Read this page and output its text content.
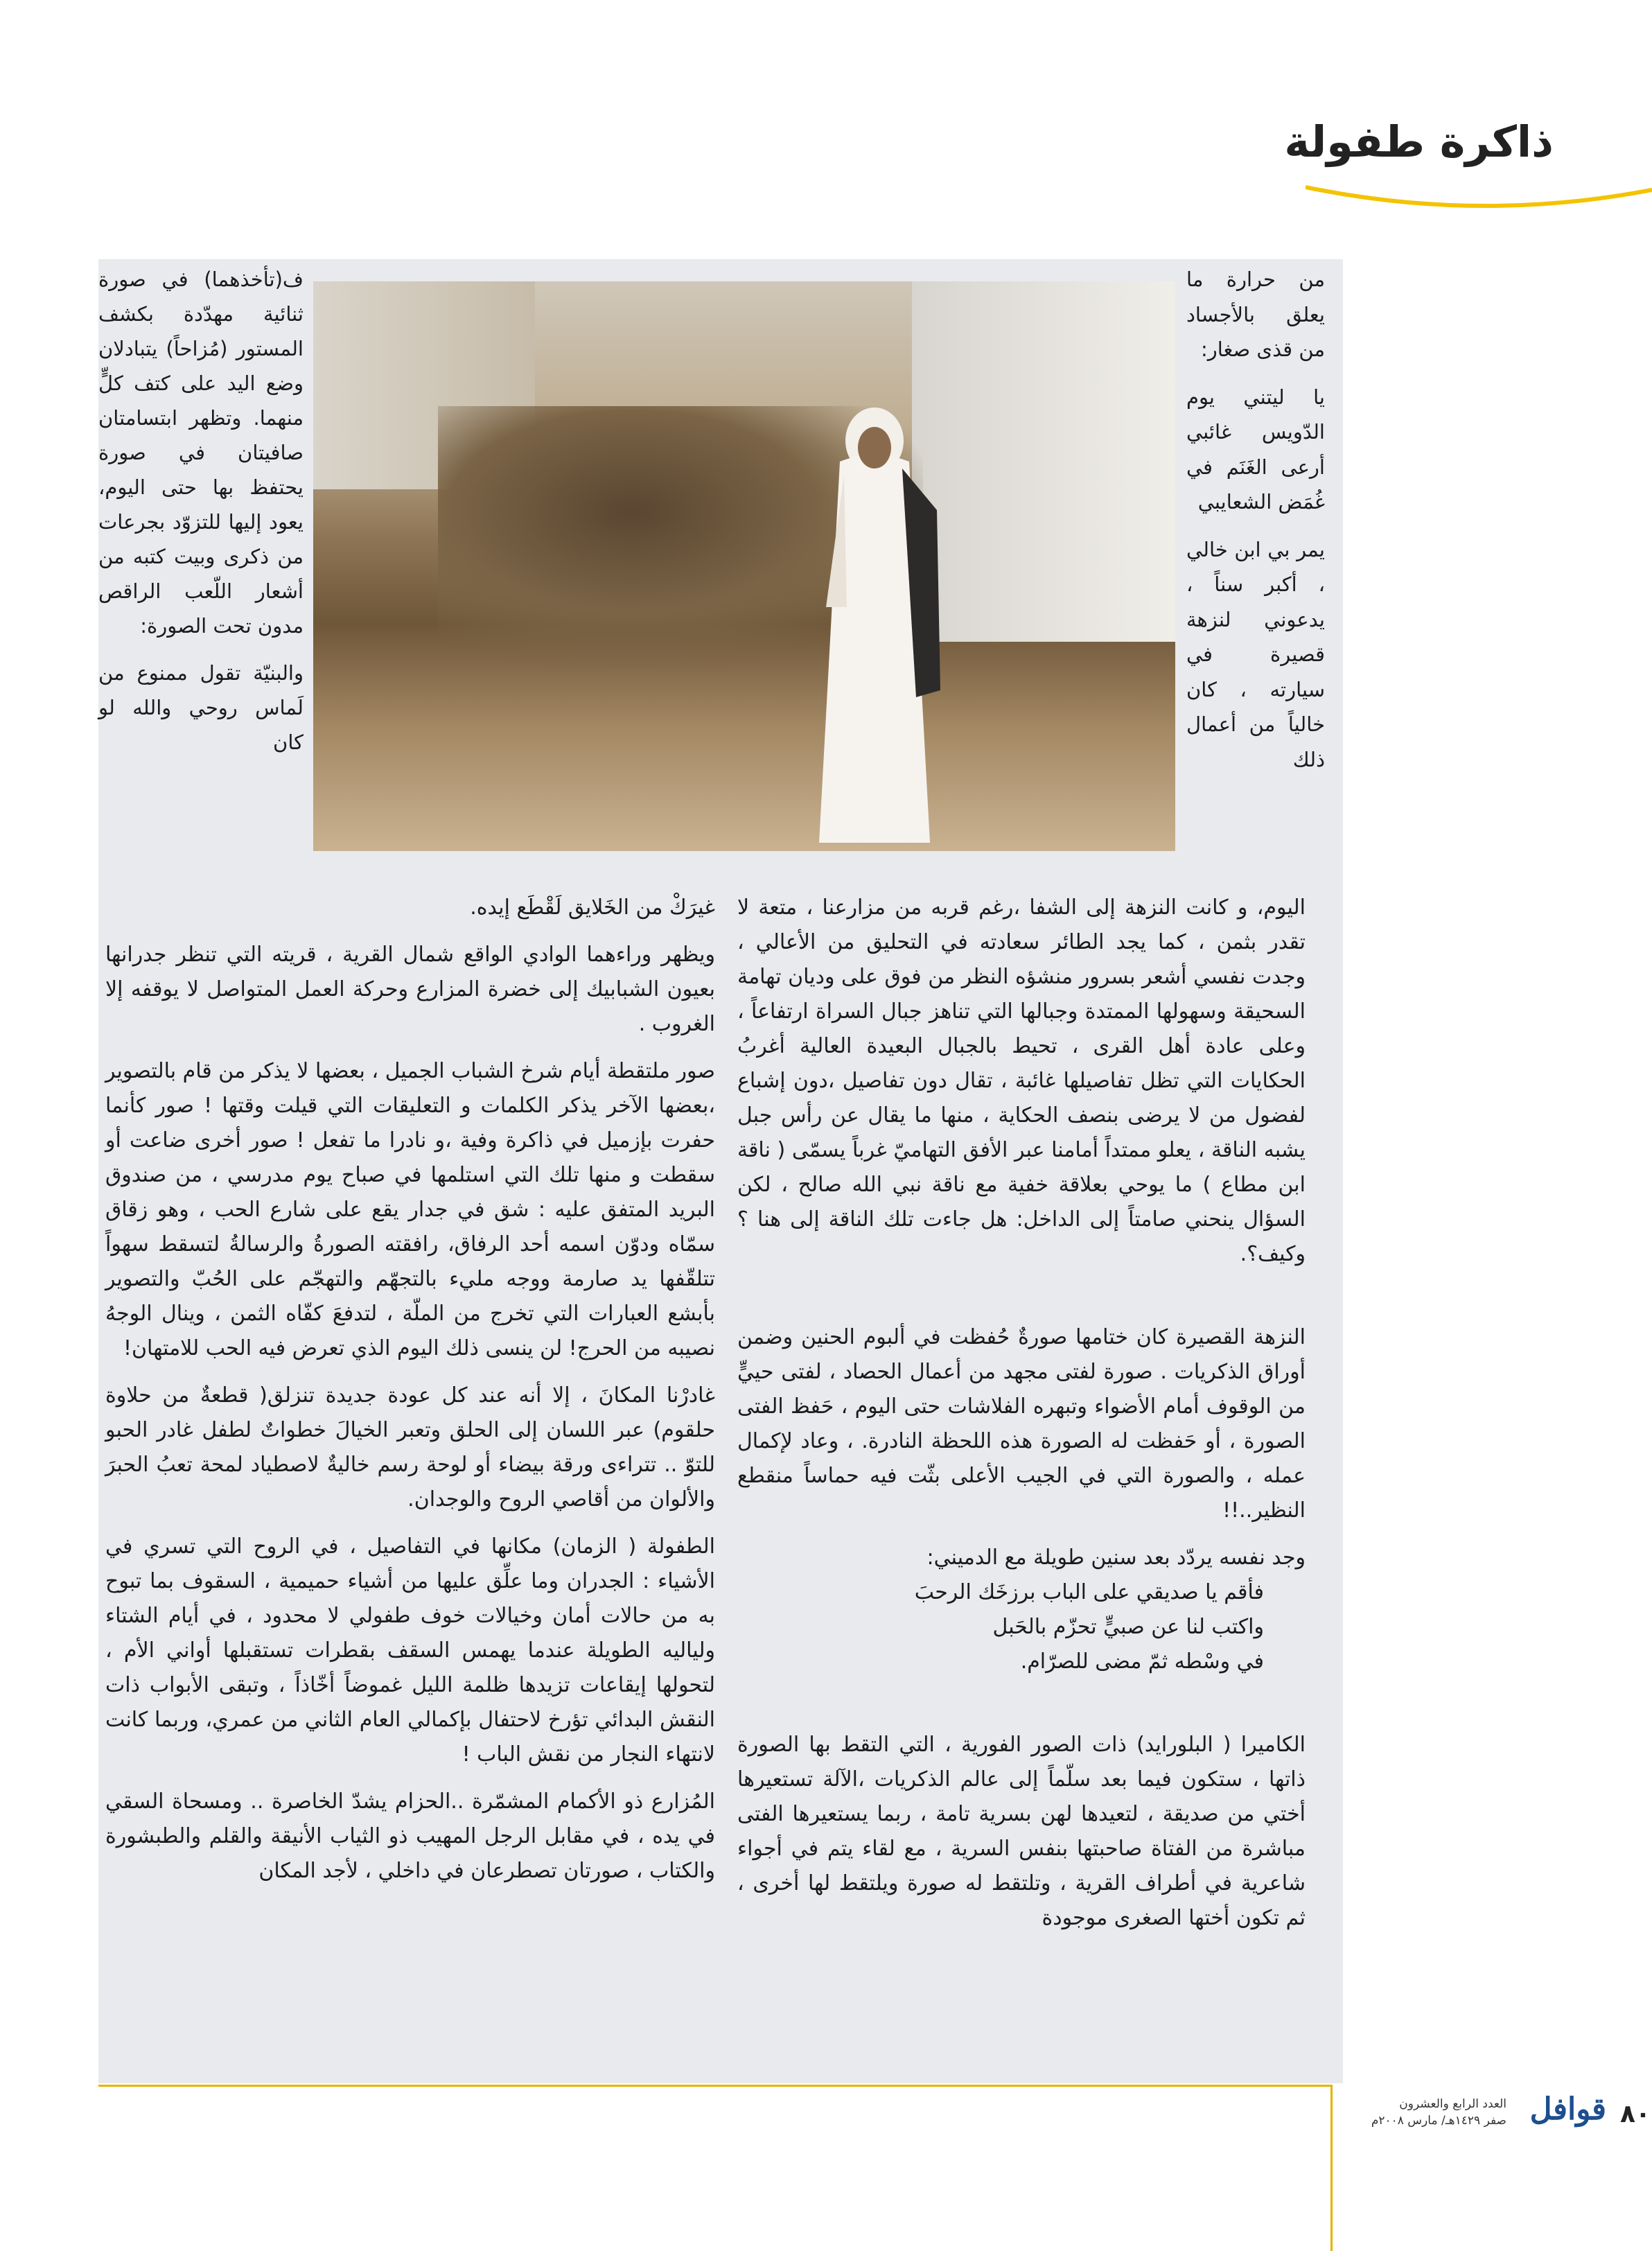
ذاكرة طفولة

من حرارة ما يعلق بالأجساد من قذى صغار:

يا ليتني يوم الدّويس غائبي أرعى الغَنَم في غُمَض الشعايبي

يمر بي ابن خالي ، أكبر سناً ، يدعوني لنزهة قصيرة في سيارته ، كان خالياً من أعمال ذلك

ف(تأخذهما) في صورة ثنائية مهدّدة بكشف المستور (مُزاحاً) يتبادلان وضع اليد على كتف كلٍّ منهما. وتظهر ابتسامتان صافيتان في صورة يحتفظ بها حتى اليوم، يعود إليها للتزوّد بجرعات من ذكرى وبيت كتبه من أشعار اللّعب الراقص مدون تحت الصورة:

والبنيّة تقول ممنوع من لَماس روحي والله لو كان

اليوم، و كانت النزهة إلى الشفا ،رغم قربه من مزارعنا ، متعة لا تقدر بثمن ، كما يجد الطائر سعادته في التحليق من الأعالي ، وجدت نفسي أشعر بسرور منشؤه النظر من فوق على وديان تهامة السحيقة وسهولها الممتدة وجبالها التي تناهز جبال السراة ارتفاعاً ، وعلى عادة أهل القرى ، تحيط بالجبال البعيدة العالية أغربُ الحكايات التي تظل تفاصيلها غائبة ، تقال دون تفاصيل ،دون إشباع لفضول من لا يرضى بنصف الحكاية ، منها ما يقال عن رأس جبل يشبه الناقة ، يعلو ممتداً أمامنا عبر الأفق التهاميّ غرباً يسمّى ( ناقة ابن مطاع ) ما يوحي بعلاقة خفية مع ناقة نبي الله صالح ، لكن السؤال ينحني صامتاً إلى الداخل: هل جاءت تلك الناقة إلى هنا ؟ وكيف؟.

النزهة القصيرة كان ختامها صورةٌ حُفظت في ألبوم الحنين وضمن أوراق الذكريات . صورة لفتى مجهد من أعمال الحصاد ، لفتى حييٍّ من الوقوف أمام الأضواء وتبهره الفلاشات حتى اليوم ، حَفظ الفتى الصورة ، أو حَفظت له الصورة هذه اللحظة النادرة. ، وعاد لإكمال عمله ، والصورة التي في الجيب الأعلى بثّت فيه حماساً منقطع النظير..!!

وجد نفسه يردّد بعد سنين طويلة مع الدميني:

فأقم يا صديقي على الباب برزخَك الرحبَ

واكتب لنا عن صبيٍّ تحزّم بالحَبل

في وسْطه ثمّ مضى للصرّام.

الكاميرا ( البلورايد) ذات الصور الفورية ، التي التقط بها الصورة ذاتها ، ستكون فيما بعد سلّماً إلى عالم الذكريات ،الآلة تستعيرها أختي من صديقة ، لتعيدها لهن بسرية تامة ، ربما يستعيرها الفتى مباشرة من الفتاة صاحبتها بنفس السرية ، مع لقاء يتم في أجواء شاعرية في أطراف القرية ، وتلتقط له صورة ويلتقط لها أخرى ، ثم تكون أختها الصغرى موجودة

غيرَكْ من الخَلايق لَقْطَع إيده.

ويظهر وراءهما الوادي الواقع شمال القرية ، قريته التي تنظر جدرانها بعيون الشبابيك إلى خضرة المزارع وحركة العمل المتواصل لا يوقفه إلا الغروب .

صور ملتقطة أيام شرخ الشباب الجميل ، بعضها لا يذكر من قام بالتصوير ،بعضها الآخر يذكر الكلمات و التعليقات التي قيلت وقتها ! صور كأنما حفرت بإزميل في ذاكرة وفية ،و نادرا ما تفعل ! صور أخرى ضاعت أو سقطت و منها تلك التي استلمها في صباح يوم مدرسي ، من صندوق البريد المتفق عليه : شق في جدار يقع على شارع الحب ، وهو زقاق سمّاه ودوّن اسمه أحد الرفاق، رافقته الصورةُ والرسالةُ لتسقط سهواً تتلقّفها يد صارمة ووجه مليء بالتجهّم والتهجّم على الحُبّ والتصوير بأبشع العبارات التي تخرج من الملّة ، لتدفعَ كفّاه الثمن ، وينال الوجهُ نصيبه من الحرج! لن ينسى ذلك اليوم الذي تعرض فيه الحب للامتهان!

غادرْنا المكانَ ، إلا أنه عند كل عودة جديدة تنزلق( قطعةٌ من حلاوة حلقوم) عبر اللسان إلى الحلق وتعبر الخيالَ خطواتٌ لطفل غادر الحبو للتوّ .. تتراءى ورقة بيضاء أو لوحة رسم خاليةٌ لاصطياد لمحة تعبُ الحبرَ والألوان من أقاصي الروح والوجدان.

الطفولة ( الزمان) مكانها في التفاصيل ، في الروح التي تسري في الأشياء : الجدران وما علِّق عليها من أشياء حميمية ، السقوف بما تبوح به من حالات أمان وخيالات خوف طفولي لا محدود ، في أيام الشتاء ولياليه الطويلة عندما يهمس السقف بقطرات تستقبلها أواني الأم ، لتحولها إيقاعات تزيدها ظلمة الليل غموضاً أخّاذاً ، وتبقى الأبواب ذات النقش البدائي تؤرخ لاحتفال بإكمالي العام الثاني من عمري، وربما كانت لانتهاء النجار من نقش الباب !

المُزارع ذو الأكمام المشمّرة ..الحزام يشدّ الخاصرة .. ومسحاة السقي في يده ، في مقابل الرجل المهيب ذو الثياب الأنيقة والقلم والطبشورة والكتاب ، صورتان تصطرعان في داخلي ، لأجد المكان

٨٠
قوافل
العدد الرابع والعشرون
صفر ١٤٢٩هـ/ مارس ٢٠٠٨م
